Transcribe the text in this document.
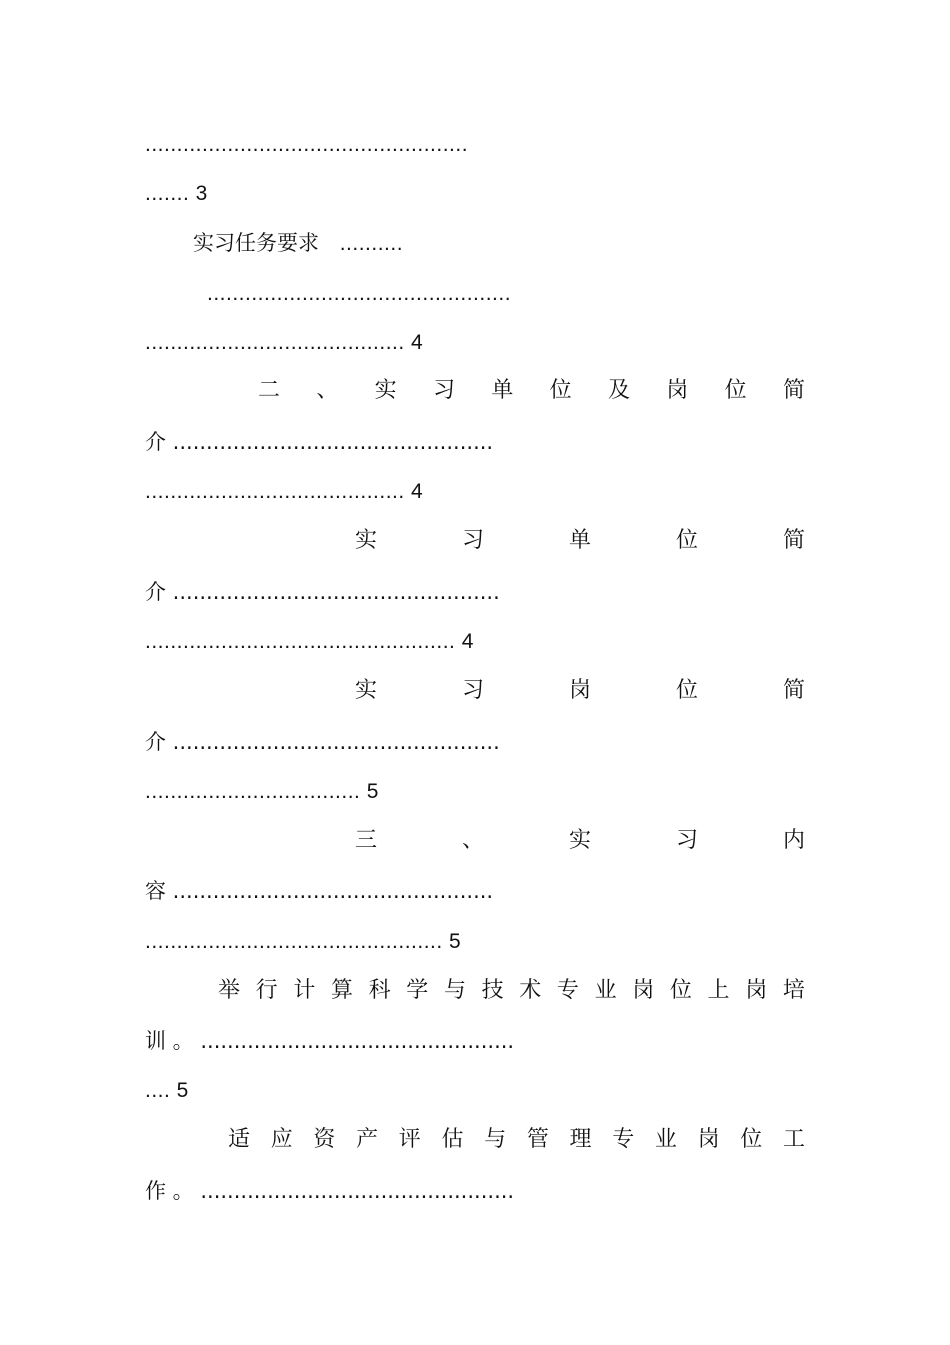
...................................................
....... 3
实习任务要求 ..........
................................................
......................................... 4
二 、 实 习 单 位 及 岗 位 简
介 ................................................
......................................... 4
实	习	单	位	简
介 .................................................
................................................. 4
实	习	岗	位	简
介 .................................................
.................................. 5
三	、	实	习	内
容 ................................................
............................................... 5
举 行 计 算 科 学 与 技 术 专 业 岗 位 上 岗 培
训 。 ...............................................
.... 5
适 应 资 产 评 估 与 管 理 专 业 岗 位 工
作 。 ...............................................
